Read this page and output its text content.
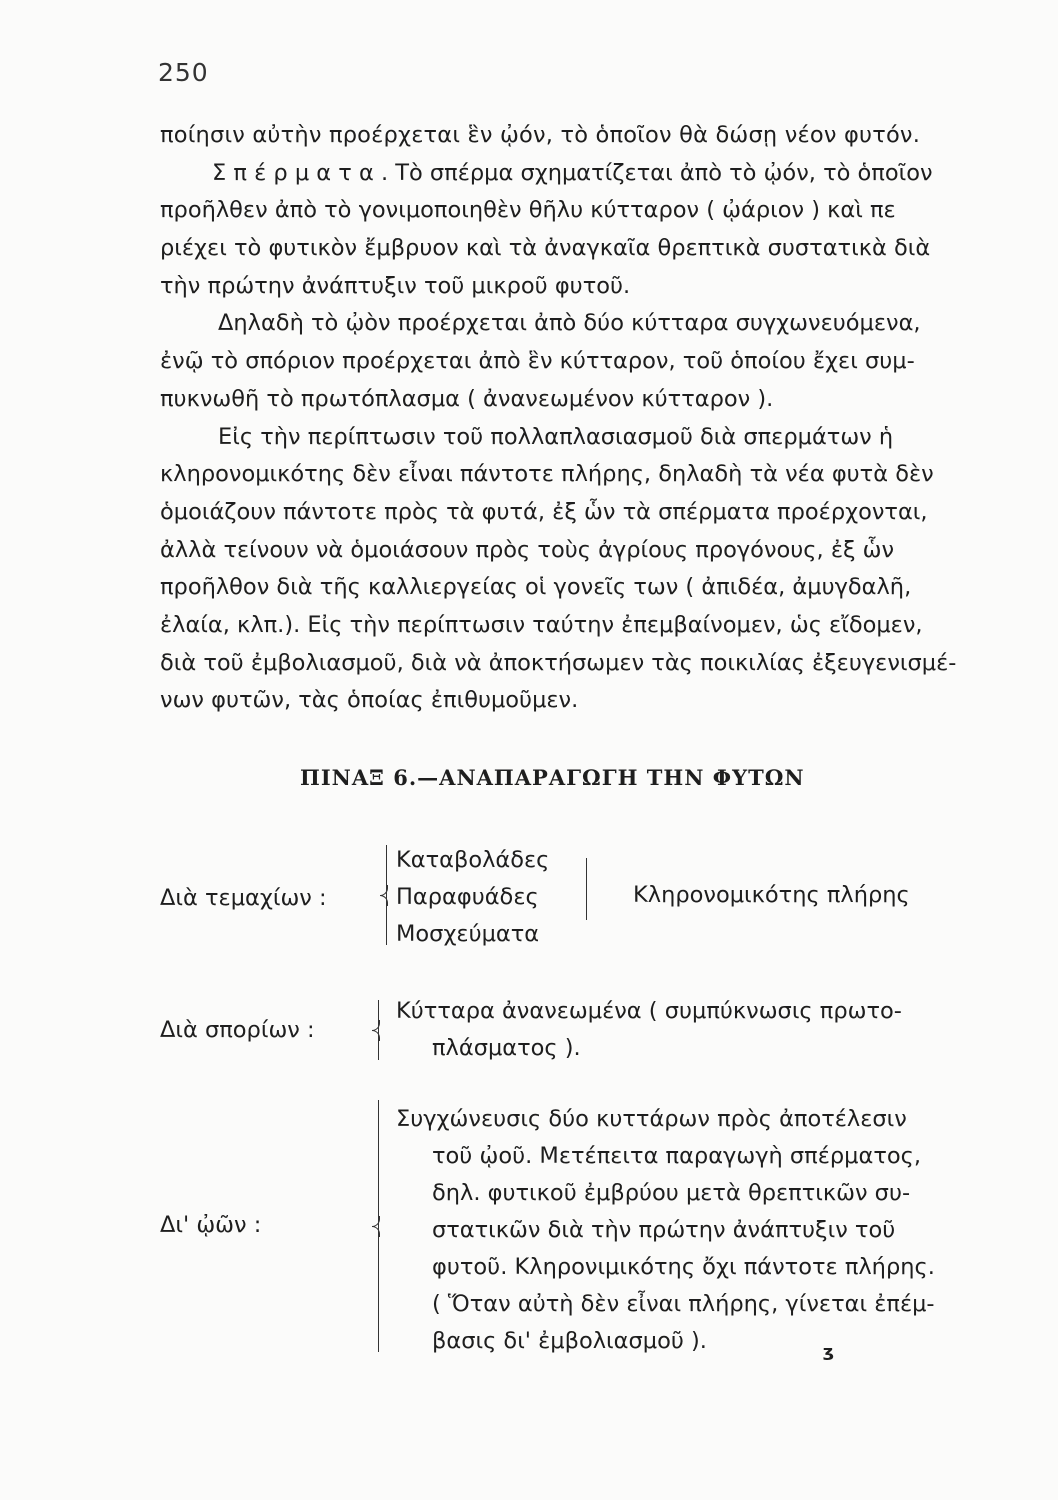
250
ποίησιν αὐτὴν προέρχεται ἓν ᾠόν, τὸ ὁποῖον θὰ δώσῃ νέον φυτόν.
Σ π έ ρ μ α τ α . Τὸ σπέρμα σχηματίζεται ἀπὸ τὸ ᾠόν, τὸ ὁποῖον
προῆλθεν ἀπὸ τὸ γονιμοποιηθὲν θῆλυ κύτταρον ( ᾠάριον ) καὶ πε
ριέχει τὸ φυτικὸν ἔμβρυον καὶ τὰ ἀναγκαῖα θρεπτικὰ συστατικὰ διὰ
τὴν πρώτην ἀνάπτυξιν τοῦ μικροῦ φυτοῦ.
Δηλαδὴ τὸ ᾠὸν προέρχεται ἀπὸ δύο κύτταρα συγχωνευόμενα,
ἐνῷ τὸ σπόριον προέρχεται ἀπὸ ἓν κύτταρον, τοῦ ὁποίου ἔχει συμ-
πυκνωθῆ τὸ πρωτόπλασμα ( ἀνανεωμένον κύτταρον ).
Εἰς τὴν περίπτωσιν τοῦ πολλαπλασιασμοῦ διὰ σπερμάτων ἡ
κληρονομικότης δὲν εἶναι πάντοτε πλήρης, δηλαδὴ τὰ νέα φυτὰ δὲν
ὁμοιάζουν πάντοτε πρὸς τὰ φυτά, ἐξ ὧν τὰ σπέρματα προέρχονται,
ἀλλὰ τείνουν νὰ ὁμοιάσουν πρὸς τοὺς ἀγρίους προγόνους, ἐξ ὧν
προῆλθον διὰ τῆς καλλιεργείας οἱ γονεῖς των ( ἀπιδέα, ἀμυγδαλῆ,
ἐλαία, κλπ.). Εἰς τὴν περίπτωσιν ταύτην ἐπεμβαίνομεν, ὡς εἴδομεν,
διὰ τοῦ ἐμβολιασμοῦ, διὰ νὰ ἀποκτήσωμεν τὰς ποικιλίας ἐξευγενισμέ-
νων φυτῶν, τὰς ὁποίας ἐπιθυμοῦμεν.
ΠΙΝΑΞ 6.—ΑΝΑΠΑΡΑΓΩΓΗ ΤΗΝ ΦΥΤΩΝ
Διὰ τεμαχίων :
Καταβολάδες
Παραφυάδες
Μοσχεύματα
Κληρονομικότης πλήρης
Διὰ σπορίων :
Κύτταρα ἀνανεωμένα ( συμπύκνωσις πρωτο-
πλάσματος ).
Δι' ᾠῶν :
Συγχώνευσις δύο κυττάρων πρὸς ἀποτέλεσιν
τοῦ ᾠοῦ. Μετέπειτα παραγωγὴ σπέρματος,
δηλ. φυτικοῦ ἐμβρύου μετὰ θρεπτικῶν συ-
στατικῶν διὰ τὴν πρώτην ἀνάπτυξιν τοῦ
φυτοῦ. Κληρονιμικότης ὄχι πάντοτε πλήρης.
( Ὅταν αὐτὴ δὲν εἶναι πλήρης, γίνεται ἐπέμ-
βασις δι' ἐμβολιασμοῦ ).	ᶾ
